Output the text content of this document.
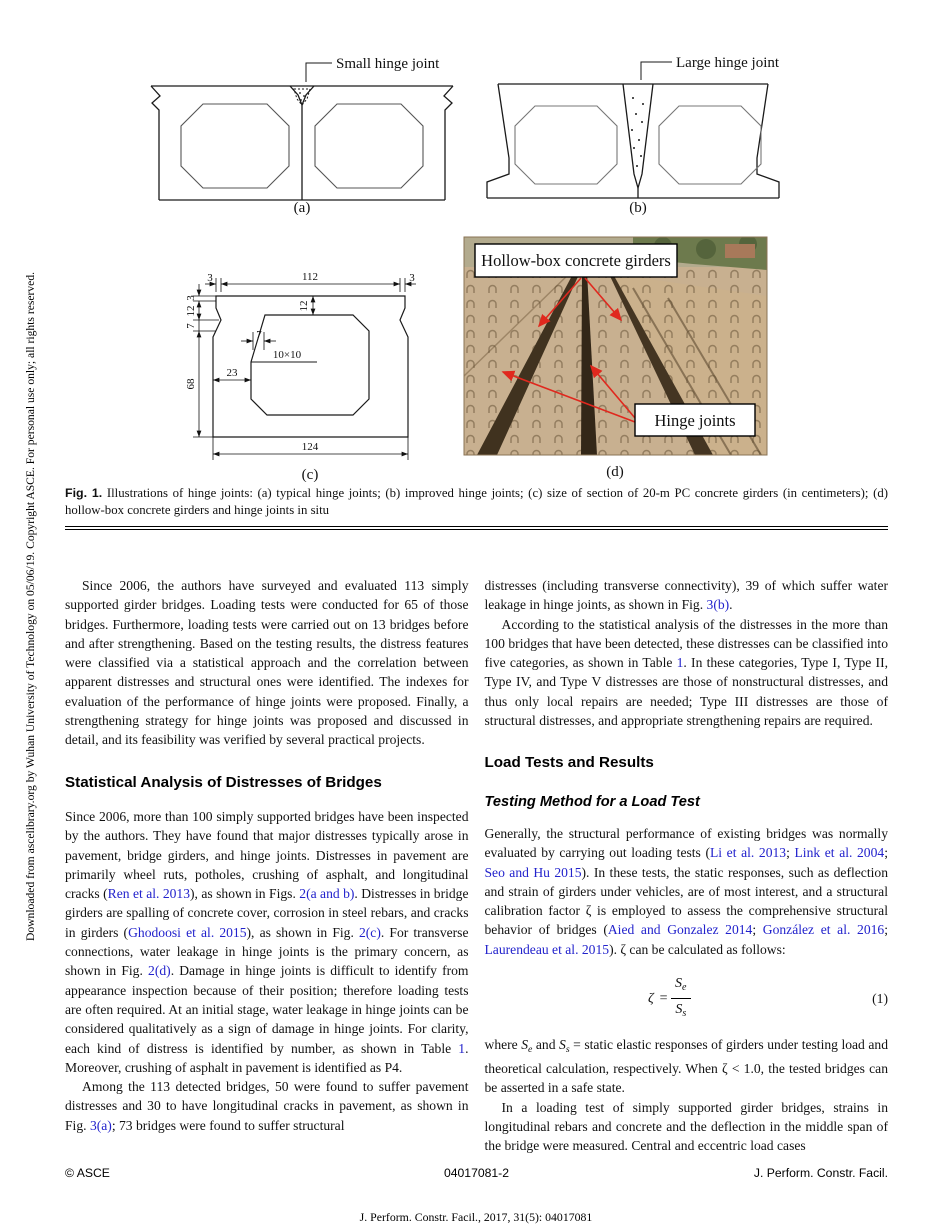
Downloaded from ascelibrary.org by Wuhan University of Technology on 05/06/19. Copyright ASCE. For personal use only; all rights reserved.
Small hinge joint
(a)
Large hinge joint
(b)
3	112	3
3
12
7
68
12
7
23
10×10
124
(c)
Hollow-box concrete girders
Hinge joints
(d)
Fig. 1. Illustrations of hinge joints: (a) typical hinge joints; (b) improved hinge joints; (c) size of section of 20-m PC concrete girders (in centimeters); (d) hollow-box concrete girders and hinge joints in situ

Since 2006, the authors have surveyed and evaluated 113 simply supported girder bridges. Loading tests were conducted for 65 of those bridges. Furthermore, loading tests were carried out on 13 bridges before and after strengthening. Based on the testing results, the distress features were classified via a statistical approach and the correlation between apparent distresses and structural ones were identified. The indexes for evaluation of the performance of hinge joints were proposed. Finally, a strengthening strategy for hinge joints was proposed and discussed in detail, and its feasibility was verified by several practical projects.

Statistical Analysis of Distresses of Bridges

Since 2006, more than 100 simply supported bridges have been inspected by the authors. They have found that major distresses typically arose in pavement, bridge girders, and hinge joints. Distresses in pavement are primarily wheel ruts, potholes, crushing of asphalt, and longitudinal cracks (Ren et al. 2013), as shown in Figs. 2(a and b). Distresses in bridge girders are spalling of concrete cover, corrosion in steel rebars, and cracks in girders (Ghodoosi et al. 2015), as shown in Fig. 2(c). For transverse connections, water leakage in hinge joints is the primary concern, as shown in Fig. 2(d). Damage in hinge joints is difficult to identify from appearance inspection because of their position; therefore loading tests are often required. At an initial stage, water leakage in hinge joints can be considered qualitatively as a sign of damage in hinge joints. For clarity, each kind of distress is identified by number, as shown in Table 1. Moreover, crushing of asphalt in pavement is identified as P4.

Among the 113 detected bridges, 50 were found to suffer pavement distresses and 30 to have longitudinal cracks in pavement, as shown in Fig. 3(a); 73 bridges were found to suffer structural

distresses (including transverse connectivity), 39 of which suffer water leakage in hinge joints, as shown in Fig. 3(b).

According to the statistical analysis of the distresses in the more than 100 bridges that have been detected, these distresses can be classified into five categories, as shown in Table 1. In these categories, Type I, Type II, Type IV, and Type V distresses are those of nonstructural distresses, and thus only local repairs are needed; Type III distresses are those of structural distresses, and appropriate strengthening repairs are required.

Load Tests and Results
Testing Method for a Load Test

Generally, the structural performance of existing bridges was normally evaluated by carrying out loading tests (Li et al. 2013; Link et al. 2004; Seo and Hu 2015). In these tests, the static responses, such as deflection and strain of girders under vehicles, are of most interest, and a structural calibration factor ζ is employed to assess the comprehensive structural behavior of bridges (Aied and Gonzalez 2014; González et al. 2016; Laurendeau et al. 2015). ζ can be calculated as follows:

$\zeta = \frac{S_e}{S_s}$	(1)

where $S_e$ and $S_s$ = static elastic responses of girders under testing load and theoretical calculation, respectively. When ζ < 1.0, the tested bridges can be asserted in a safe state.

In a loading test of simply supported girder bridges, strains in longitudinal rebars and concrete and the deflection in the middle span of the bridge were measured. Central and eccentric load cases

© ASCE	04017081-2	J. Perform. Constr. Facil.
J. Perform. Constr. Facil., 2017, 31(5): 04017081
